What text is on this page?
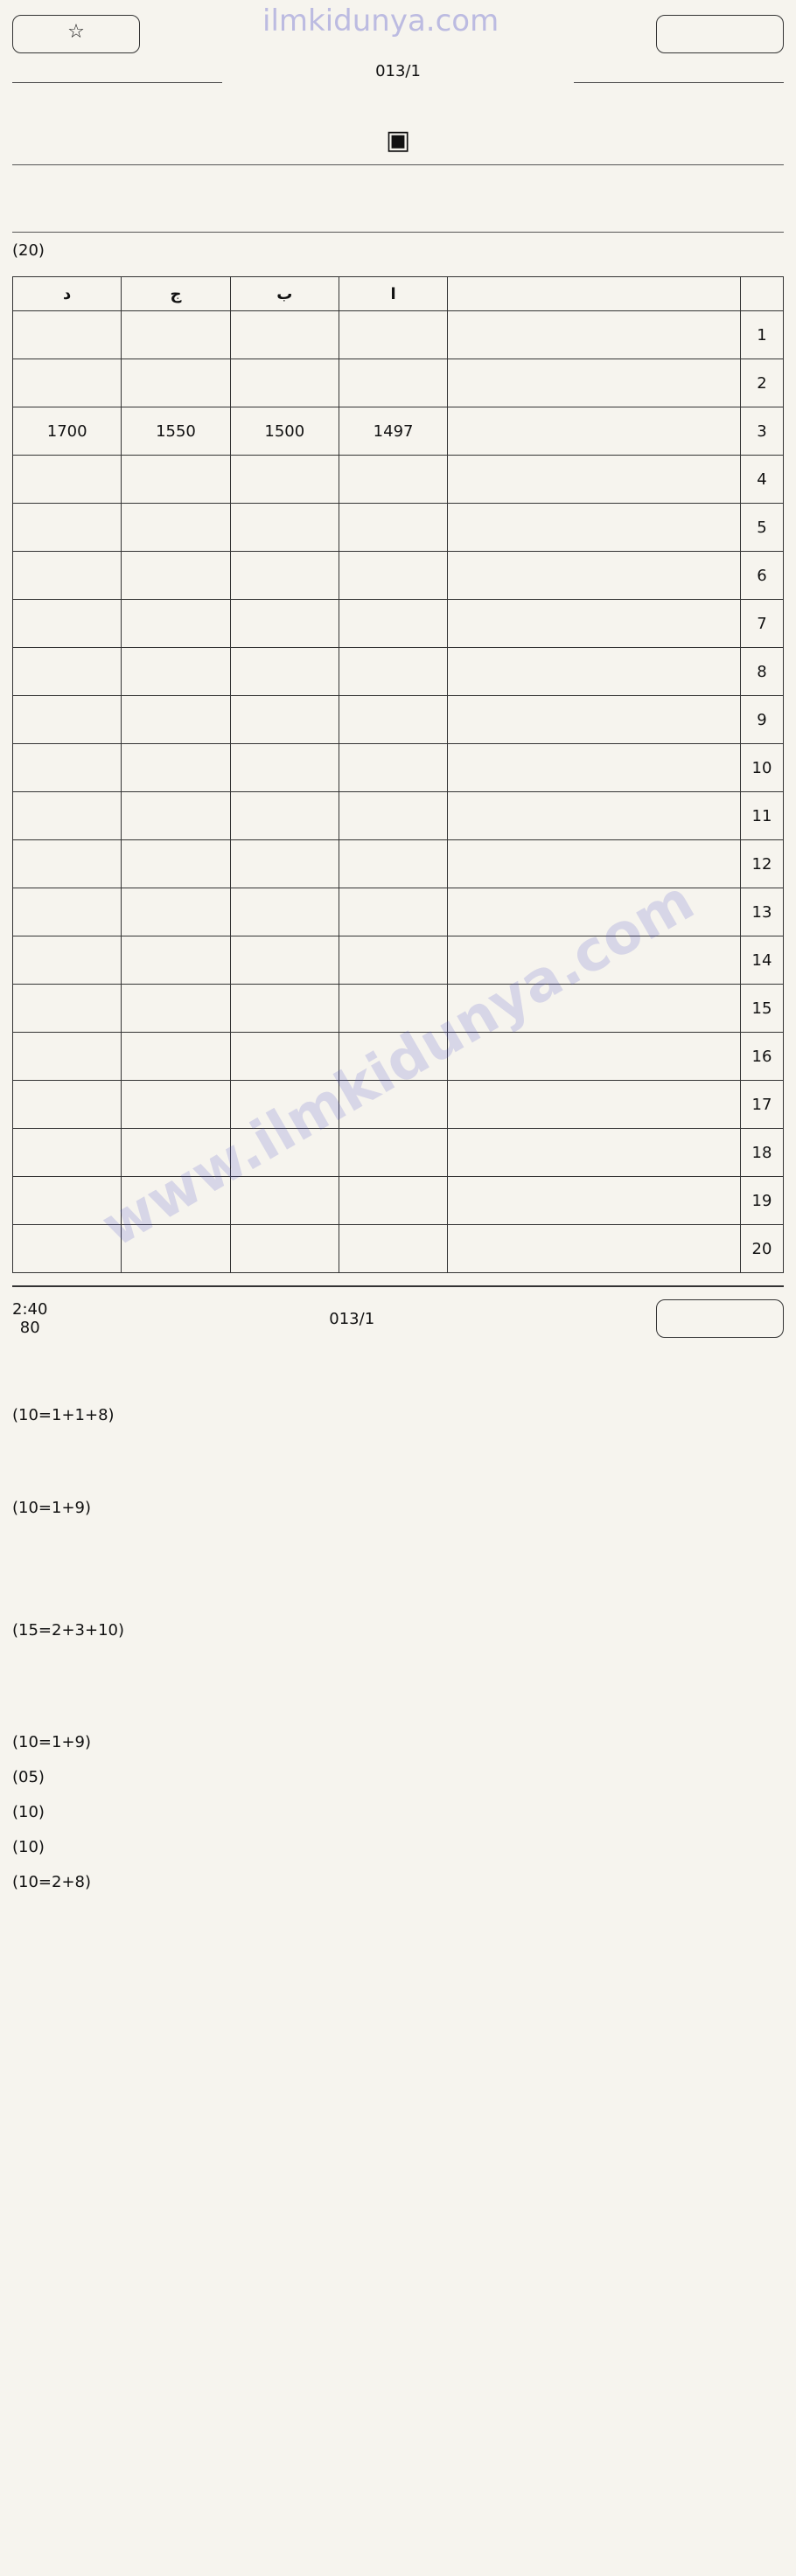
ilmkidunya.com
☆
013/1
▣
(20)
		ا	ب	ج	د
1					
2					
3		1497	1500	1550	1700
4					
5					
6					
7					
8					
9					
10					
11					
12					
13					
14					
15					
16					
17					
18					
19					
20					
013/1
2:40
80
(10=1+1+8)
(10=1+9)
(15=2+3+10)
(10=1+9)
(05)
(10)
(10)
(10=2+8)
www.ilmkidunya.com
